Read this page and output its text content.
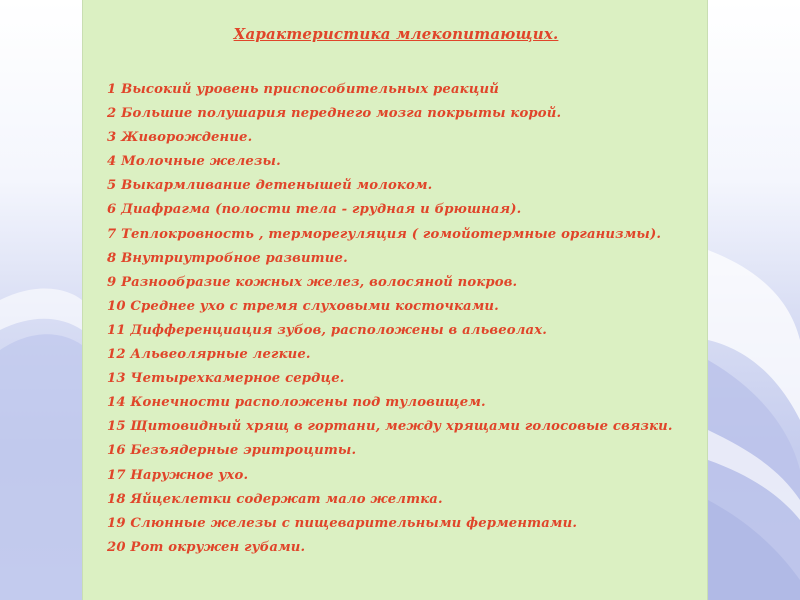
Характеристика млекопитающих.
1 Высокий уровень приспособительных реакций
2 Большие полушария переднего мозга покрыты корой.
3 Живорождение.
4 Молочные железы.
5 Выкармливание детенышей молоком.
6 Диафрагма (полости тела - грудная и брюшная).
7 Теплокровность , терморегуляция ( гомойотермные организмы).
8 Внутриутробное развитие.
9 Разнообразие кожных желез, волосяной покров.
10 Среднее ухо с тремя слуховыми косточками.
11 Дифференциация зубов, расположены в альвеолах.
12 Альвеолярные легкие.
13 Четырехкамерное сердце.
14 Конечности расположены под туловищем.
15 Щитовидный хрящ в гортани, между хрящами голосовые связки.
16 Безъядерные эритроциты.
17 Наружное ухо.
18 Яйцеклетки содержат мало желтка.
19 Слюнные железы с пищеварительными ферментами.
20 Рот окружен губами.
